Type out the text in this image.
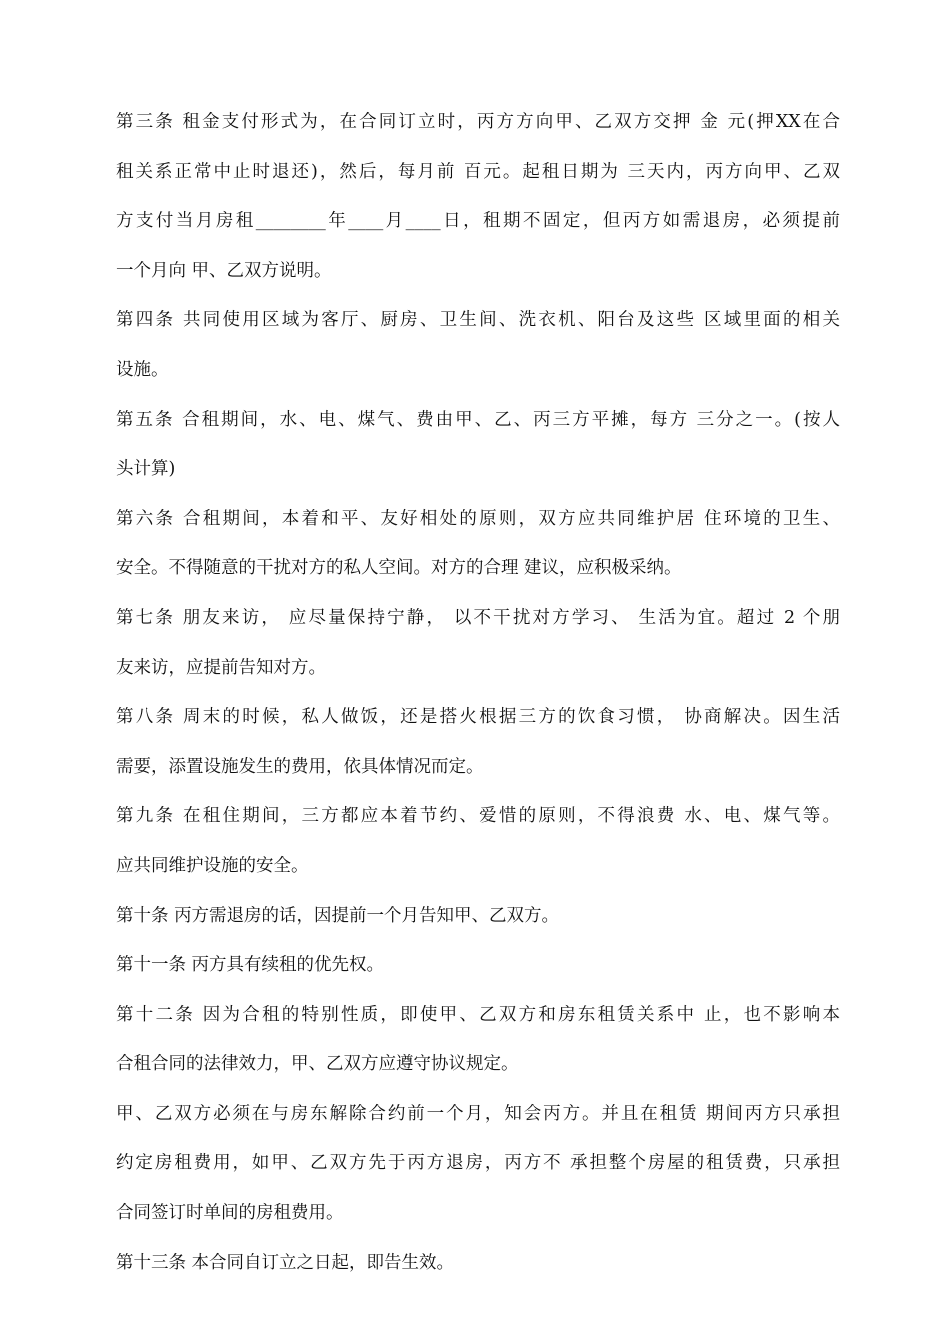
第三条 租金支付形式为，在合同订立时，丙方方向甲、乙双方交押 金 元(押XX在合
租关系正常中止时退还)，然后，每月前 百元。起租日期为 三天内，丙方向甲、乙双
方支付当月房租________年____月____日，租期不固定，但丙方如需退房，必须提前
一个月向 甲、乙双方说明。
第四条 共同使用区域为客厅、厨房、卫生间、洗衣机、阳台及这些 区域里面的相关
设施。
第五条 合租期间，水、电、煤气、费由甲、乙、丙三方平摊，每方 三分之一。(按人
头计算)
第六条 合租期间，本着和平、友好相处的原则，双方应共同维护居 住环境的卫生、
安全。不得随意的干扰对方的私人空间。对方的合理 建议，应积极采纳。
第七条 朋友来访， 应尽量保持宁静， 以不干扰对方学习、 生活为宜。超过 2 个朋
友来访，应提前告知对方。
第八条 周末的时候，私人做饭，还是搭火根据三方的饮食习惯， 协商解决。因生活
需要，添置设施发生的费用，依具体情况而定。
第九条 在租住期间，三方都应本着节约、爱惜的原则，不得浪费 水、电、煤气等。
应共同维护设施的安全。
第十条 丙方需退房的话，因提前一个月告知甲、乙双方。
第十一条 丙方具有续租的优先权。
第十二条 因为合租的特别性质，即使甲、乙双方和房东租赁关系中 止，也不影响本
合租合同的法律效力，甲、乙双方应遵守协议规定。
甲、乙双方必须在与房东解除合约前一个月，知会丙方。并且在租赁 期间丙方只承担
约定房租费用，如甲、乙双方先于丙方退房，丙方不 承担整个房屋的租赁费，只承担
合同签订时单间的房租费用。
第十三条 本合同自订立之日起，即告生效。
